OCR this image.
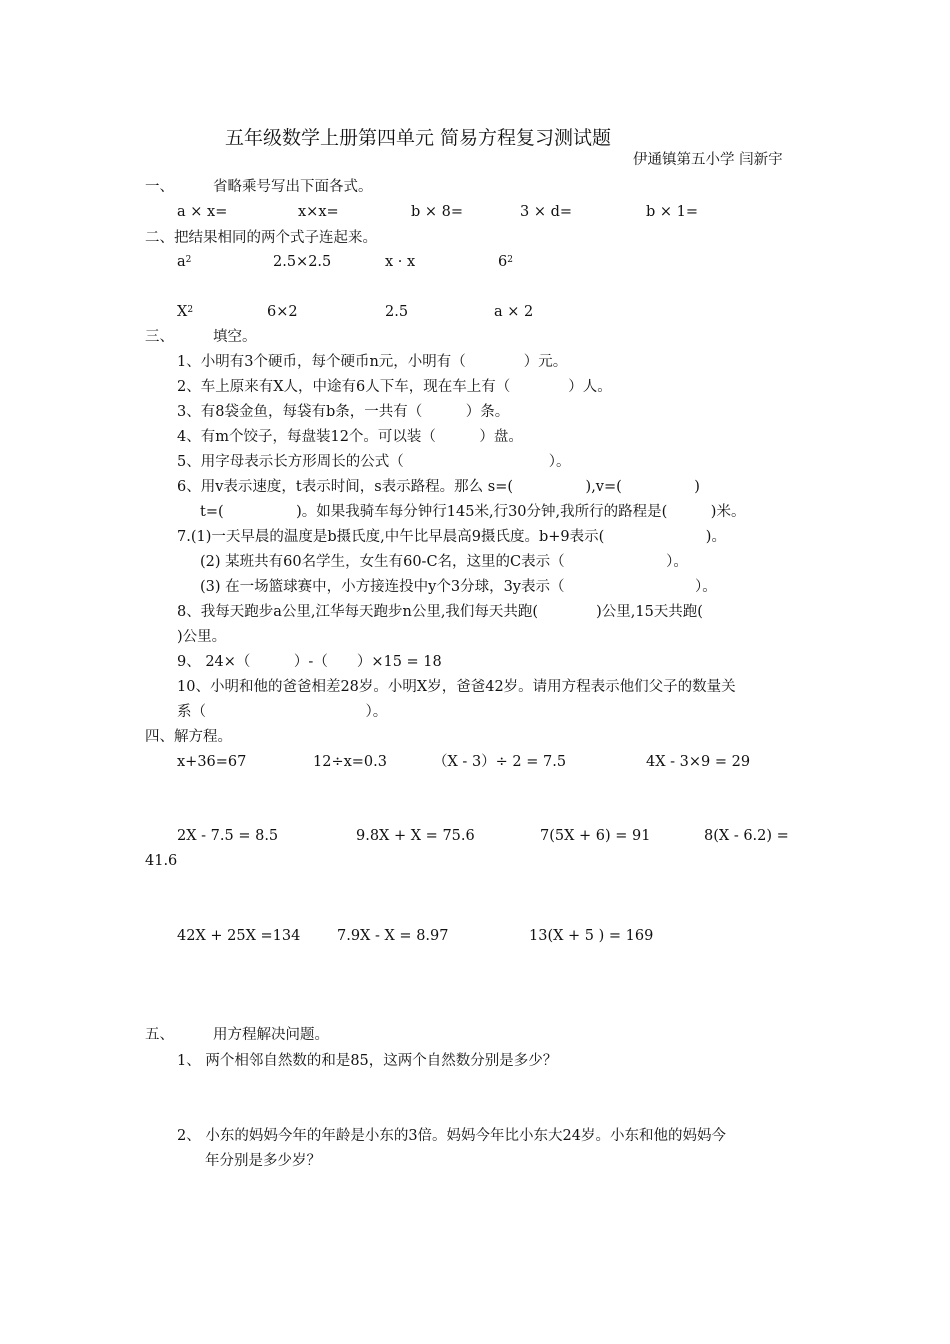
五年级数学上册第四单元 简易方程复习测试题
伊通镇第五小学 闫新宇
一、	省略乘号写出下面各式。
a × x=	x×x=	b × 8=	3 × d=	b × 1=
二、把结果相同的两个式子连起来。
$a^2$	2.5×2.5	x · x	$6^2$
$X^2$	6×2	2.5	a × 2
三、	填空。
1、小明有3个硬币，每个硬币n元，小明有（　　　　）元。
2、车上原来有X人，中途有6人下车，现在车上有（　　　　）人。
3、有8袋金鱼，每袋有b条，一共有（　　　）条。
4、有m个饺子，每盘装12个。可以装（　　　）盘。
5、用字母表示长方形周长的公式（　　　　　　　　　　）。
6、用v表示速度，t表示时间，s表示路程。那么 s=(　　　　　),v=(　　　　　)
t=(　　　　　)。如果我骑车每分钟行145米,行30分钟,我所行的路程是(　　　)米。
7.(1)一天早晨的温度是b摄氏度,中午比早晨高9摄氏度。b+9表示(　　　　　　　)。
(2) 某班共有60名学生，女生有60-C名，这里的C表示（　　　　　　　）。
(3) 在一场篮球赛中，小方接连投中y个3分球，3y表示（　　　　　　　　　）。
8、我每天跑步a公里,江华每天跑步n公里,我们每天共跑(　　　　)公里,15天共跑(
)公里。
9、 24×（　　　）-（　　）×15 = 18
10、小明和他的爸爸相差28岁。小明X岁，爸爸42岁。请用方程表示他们父子的数量关
系（　　　　　　　　　　　）。
四、解方程。
x+36=67	12÷x=0.3	（X - 3）÷ 2 = 7.5	4X - 3×9 = 29
2X - 7.5 = 8.5	9.8X + X = 75.6	7(5X + 6) = 91	8(X - 6.2) =
41.6
42X + 25X =134	7.9X - X = 8.97	13(X + 5 ) = 169
五、	用方程解决问题。
1、 两个相邻自然数的和是85，这两个自然数分别是多少？
2、 小东的妈妈今年的年龄是小东的3倍。妈妈今年比小东大24岁。小东和他的妈妈今
年分别是多少岁？
